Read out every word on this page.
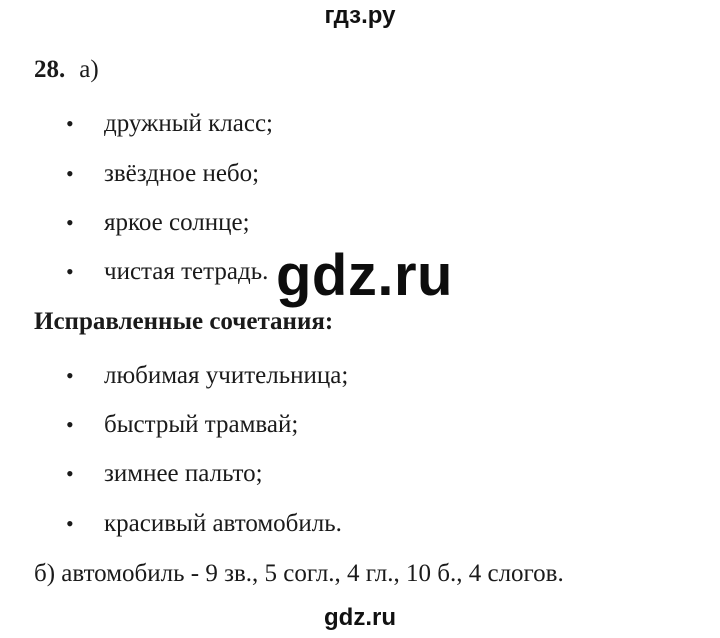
гдз.ру
28. а)
• дружный класс;
• звёздное небо;
• яркое солнце;
• чистая тетрадь. gdz.ru
Исправленные сочетания:
• любимая учительница;
• быстрый трамвай;
• зимнее пальто;
• красивый автомобиль.
б) автомобиль - 9 зв., 5 согл., 4 гл., 10 б., 4 слогов.
gdz.ru
